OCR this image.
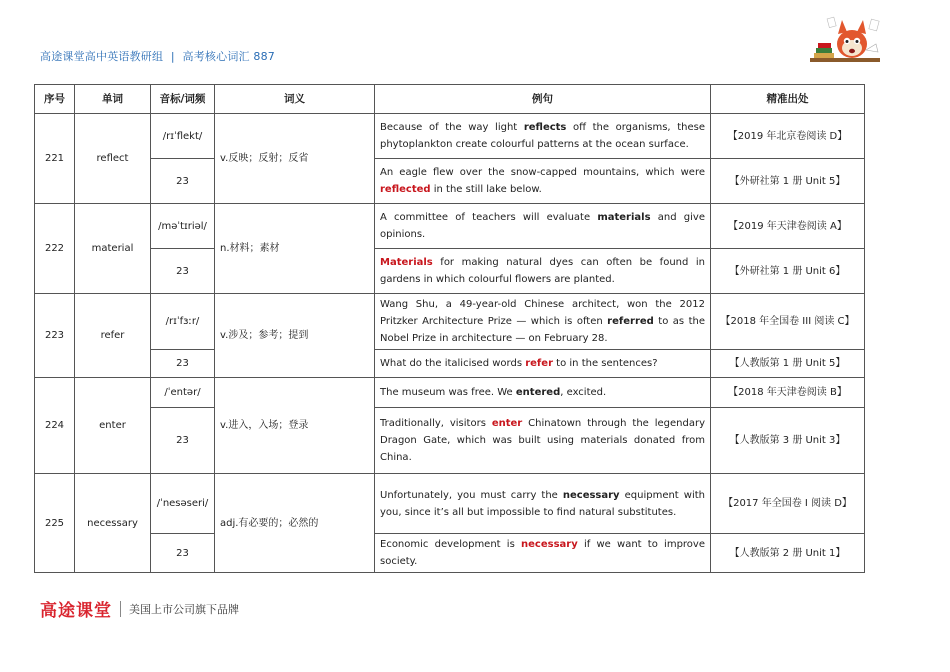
高途课堂高中英语教研组 | 高考核心词汇 887
序号	单词	音标/词频	词义	例句	精准出处
221	reflect	/rɪˈflekt/	v.反映；反射；反省	Because of the way light reflects off the organisms, these phytoplankton create colourful patterns at the ocean surface.	【2019 年北京卷阅读 D】
		23		An eagle flew over the snow-capped mountains, which were reflected in the still lake below.	【外研社第 1 册 Unit 5】
222	material	/məˈtɪriəl/	n.材料；素材	A committee of teachers will evaluate materials and give opinions.	【2019 年天津卷阅读 A】
		23		Materials for making natural dyes can often be found in gardens in which colourful flowers are planted.	【外研社第 1 册 Unit 6】
223	refer	/rɪˈfɜːr/	v.涉及；参考；提到	Wang Shu, a 49-year-old Chinese architect, won the 2012 Pritzker Architecture Prize — which is often referred to as the Nobel Prize in architecture — on February 28.	【2018 年全国卷 III 阅读 C】
		23		What do the italicised words refer to in the sentences?	【人教版第 1 册 Unit 5】
224	enter	/ˈentər/	v.进入，入场；登录	The museum was free. We entered, excited.	【2018 年天津卷阅读 B】
		23		Traditionally, visitors enter Chinatown through the legendary Dragon Gate, which was built using materials donated from China.	【人教版第 3 册 Unit 3】
225	necessary	/ˈnesəseri/	adj.有必要的；必然的	Unfortunately, you must carry the necessary equipment with you, since it’s all but impossible to find natural substitutes.	【2017 年全国卷 I 阅读 D】
		23		Economic development is necessary if we want to improve society.	【人教版第 2 册 Unit 1】
高途课堂 美国上市公司旗下品牌
